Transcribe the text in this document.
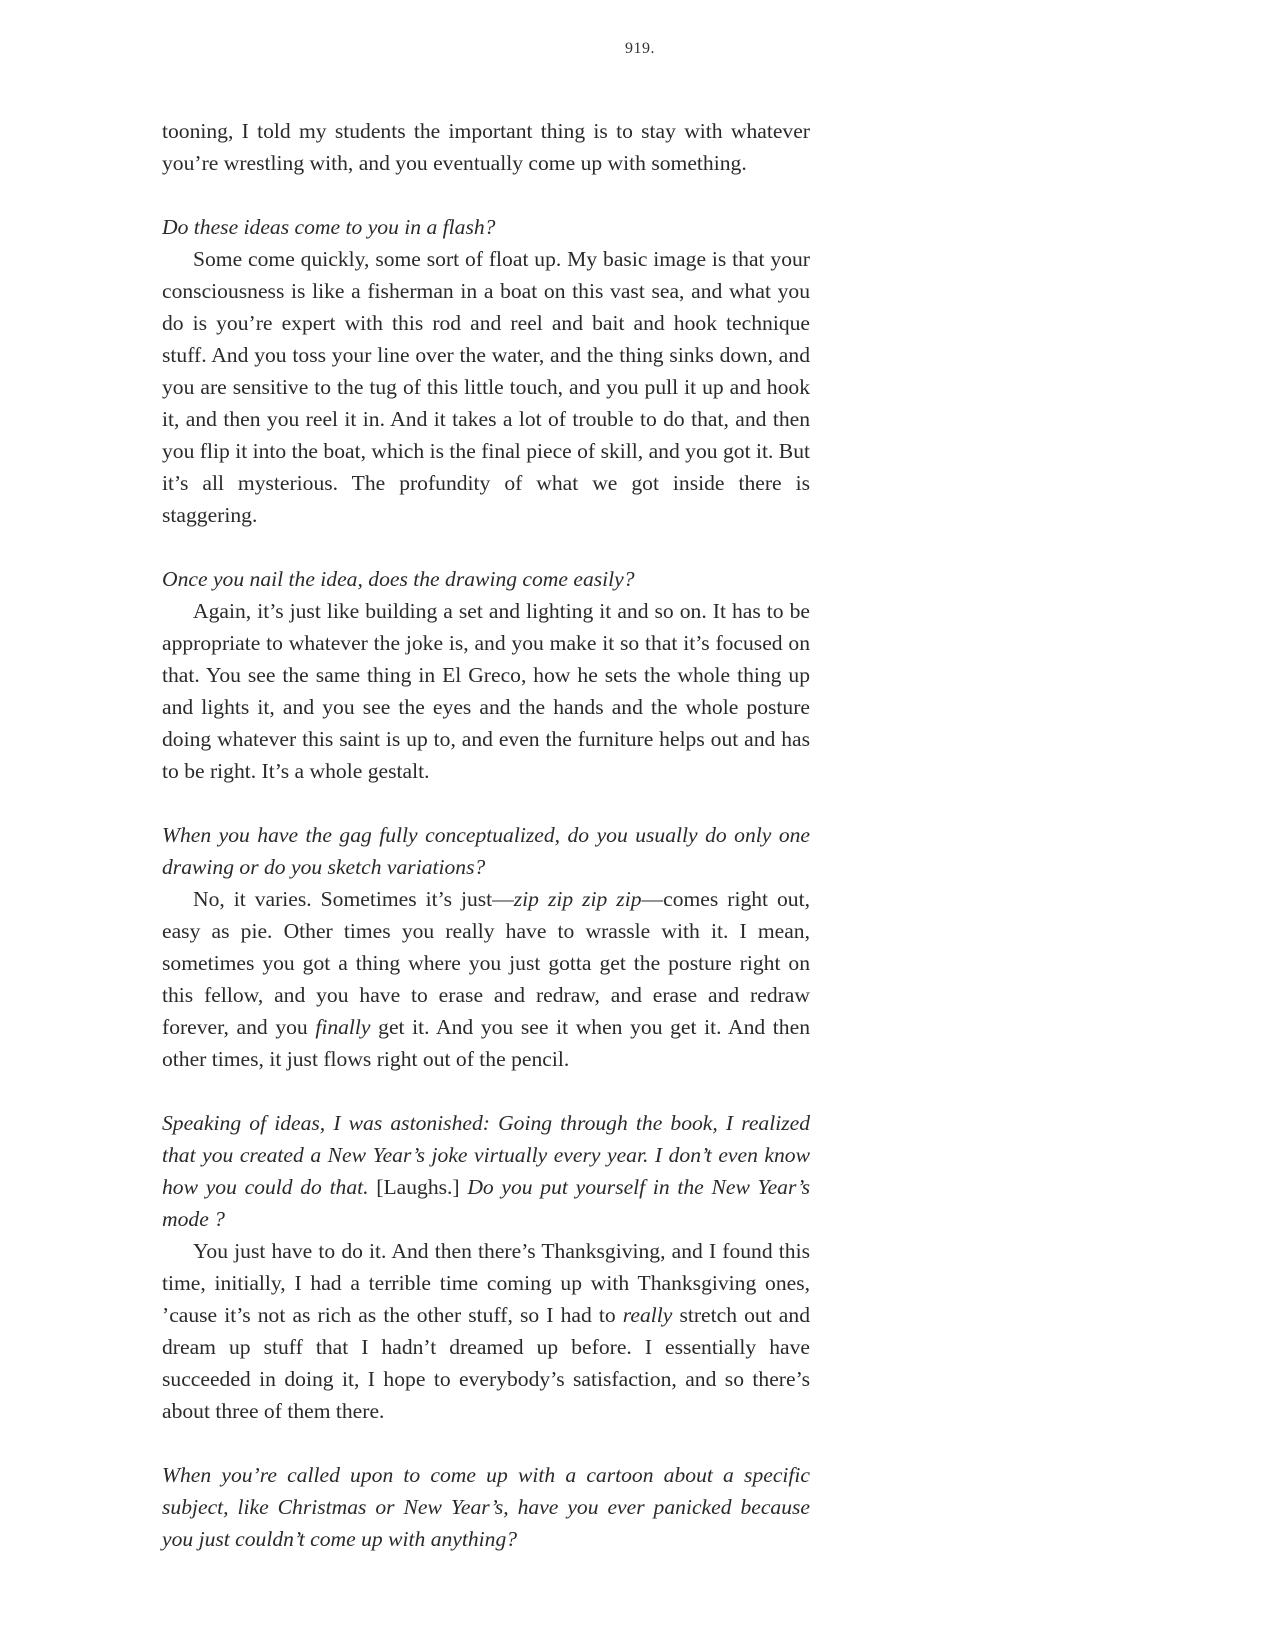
919.

tooning, I told my students the important thing is to stay with whatever you’re wrestling with, and you eventually come up with something.

Do these ideas come to you in a flash?

Some come quickly, some sort of float up. My basic image is that your consciousness is like a fisherman in a boat on this vast sea, and what you do is you’re expert with this rod and reel and bait and hook technique stuff. And you toss your line over the water, and the thing sinks down, and you are sensitive to the tug of this little touch, and you pull it up and hook it, and then you reel it in. And it takes a lot of trouble to do that, and then you flip it into the boat, which is the final piece of skill, and you got it. But it’s all mysterious. The profundity of what we got inside there is staggering.

Once you nail the idea, does the drawing come easily?

Again, it’s just like building a set and lighting it and so on. It has to be appropriate to whatever the joke is, and you make it so that it’s focused on that. You see the same thing in El Greco, how he sets the whole thing up and lights it, and you see the eyes and the hands and the whole posture doing whatever this saint is up to, and even the furniture helps out and has to be right. It’s a whole gestalt.

When you have the gag fully conceptualized, do you usually do only one drawing or do you sketch variations?

No, it varies. Sometimes it’s just—zip zip zip zip—comes right out, easy as pie. Other times you really have to wrassle with it. I mean, sometimes you got a thing where you just gotta get the posture right on this fellow, and you have to erase and redraw, and erase and redraw forever, and you finally get it. And you see it when you get it. And then other times, it just flows right out of the pencil.

Speaking of ideas, I was astonished: Going through the book, I realized that you created a New Year’s joke virtually every year. I don’t even know how you could do that. [Laughs.] Do you put yourself in the New Year’s mode ?

You just have to do it. And then there’s Thanksgiving, and I found this time, initially, I had a terrible time coming up with Thanksgiving ones, ’cause it’s not as rich as the other stuff, so I had to really stretch out and dream up stuff that I hadn’t dreamed up before. I essentially have succeeded in doing it, I hope to everybody’s satisfaction, and so there’s about three of them there.

When you’re called upon to come up with a cartoon about a specific subject, like Christmas or New Year’s, have you ever panicked because you just couldn’t come up with anything?
